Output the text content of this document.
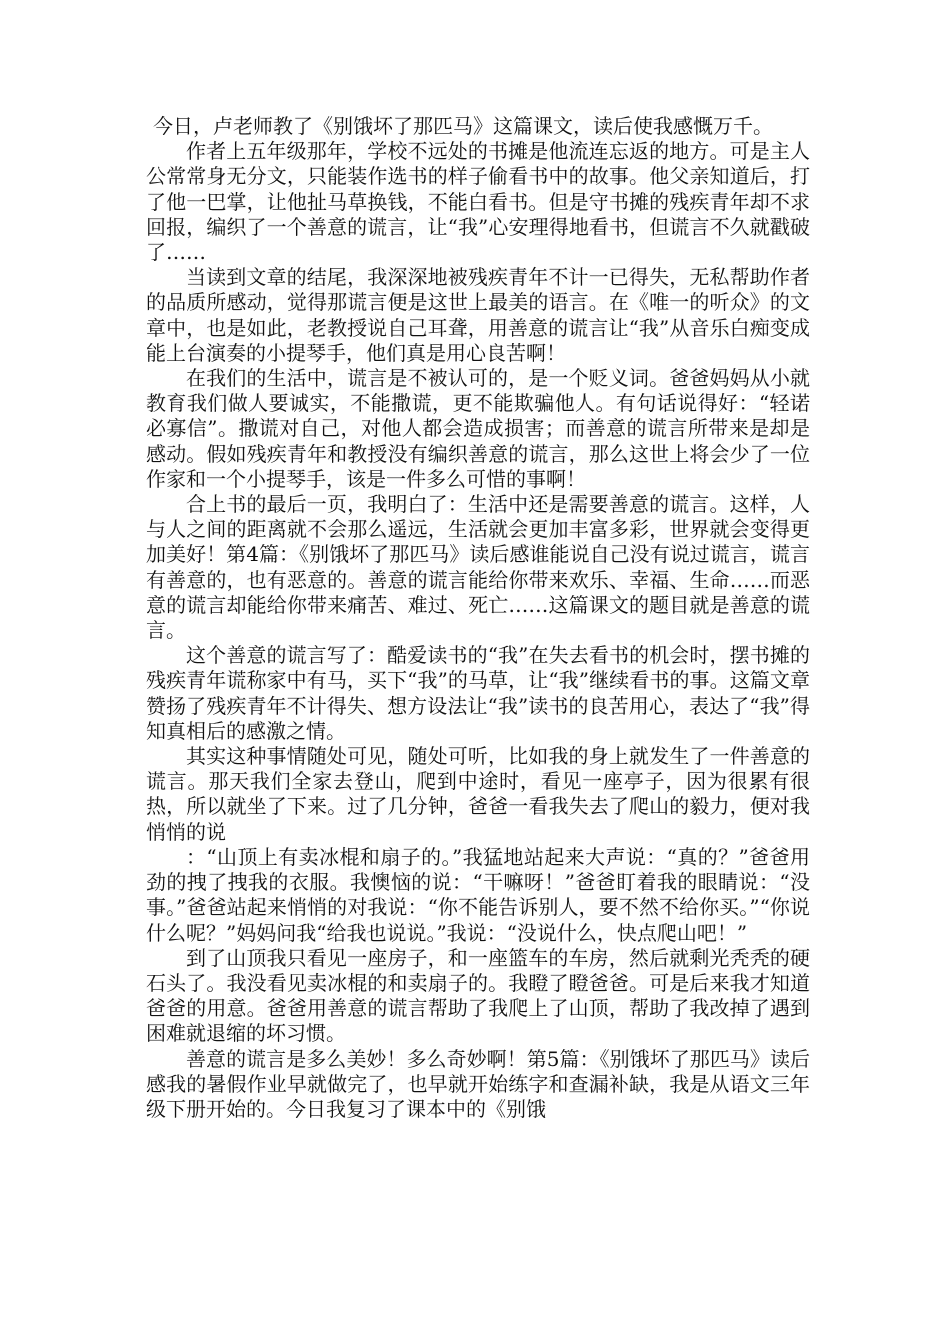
今日，卢老师教了《别饿坏了那匹马》这篇课文，读后使我感慨万千。

作者上五年级那年，学校不远处的书摊是他流连忘返的地方。可是主人公常常身无分文，只能装作选书的样子偷看书中的故事。他父亲知道后，打了他一巴掌，让他扯马草换钱，不能白看书。但是守书摊的残疾青年却不求回报，编织了一个善意的谎言，让“我”心安理得地看书，但谎言不久就戳破了……

当读到文章的结尾，我深深地被残疾青年不计一已得失，无私帮助作者的品质所感动，觉得那谎言便是这世上最美的语言。在《唯一的听众》的文章中，也是如此，老教授说自己耳聋，用善意的谎言让“我”从音乐白痴变成能上台演奏的小提琴手，他们真是用心良苦啊！

在我们的生活中，谎言是不被认可的，是一个贬义词。爸爸妈妈从小就教育我们做人要诚实，不能撒谎，更不能欺骗他人。有句话说得好：“轻诺必寡信”。撒谎对自己，对他人都会造成损害；而善意的谎言所带来是却是感动。假如残疾青年和教授没有编织善意的谎言，那么这世上将会少了一位作家和一个小提琴手，该是一件多么可惜的事啊！

合上书的最后一页，我明白了：生活中还是需要善意的谎言。这样，人与人之间的距离就不会那么遥远，生活就会更加丰富多彩，世界就会变得更加美好！第4篇：《别饿坏了那匹马》读后感谁能说自己没有说过谎言，谎言有善意的，也有恶意的。善意的谎言能给你带来欢乐、幸福、生命……而恶意的谎言却能给你带来痛苦、难过、死亡……这篇课文的题目就是善意的谎言。

这个善意的谎言写了：酷爱读书的“我”在失去看书的机会时，摆书摊的残疾青年谎称家中有马，买下“我”的马草，让“我”继续看书的事。这篇文章赞扬了残疾青年不计得失、想方设法让“我”读书的良苦用心，表达了“我”得知真相后的感激之情。

其实这种事情随处可见，随处可听，比如我的身上就发生了一件善意的谎言。那天我们全家去登山，爬到中途时，看见一座亭子，因为很累有很热，所以就坐了下来。过了几分钟，爸爸一看我失去了爬山的毅力，便对我悄悄的说

：“山顶上有卖冰棍和扇子的。”我猛地站起来大声说：“真的？”爸爸用劲的拽了拽我的衣服。我懊恼的说：“干嘛呀！”爸爸盯着我的眼睛说：“没事。”爸爸站起来悄悄的对我说：“你不能告诉别人，要不然不给你买。”“你说什么呢？”妈妈问我“给我也说说。”我说：“没说什么，快点爬山吧！”

到了山顶我只看见一座房子，和一座篮车的车房，然后就剩光秃秃的硬石头了。我没看见卖冰棍的和卖扇子的。我瞪了瞪爸爸。可是后来我才知道爸爸的用意。爸爸用善意的谎言帮助了我爬上了山顶，帮助了我改掉了遇到困难就退缩的坏习惯。

善意的谎言是多么美妙！多么奇妙啊！第5篇：《别饿坏了那匹马》读后感我的暑假作业早就做完了，也早就开始练字和查漏补缺，我是从语文三年级下册开始的。今日我复习了课本中的《别饿
